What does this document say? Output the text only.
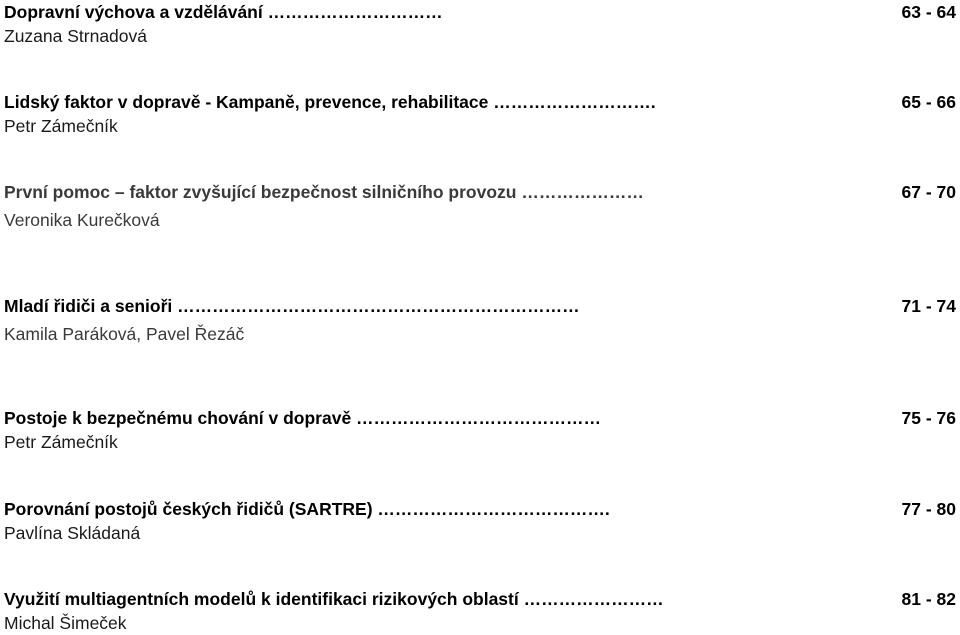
Dopravní výchova a vzdělávání …………………………	63 - 64
Zuzana Strnadová
Lidský faktor v dopravě - Kampaně, prevence, rehabilitace ……………………….	65 - 66
Petr Zámečník
První pomoc – faktor zvyšující bezpečnost silničního provozu …………………	67 - 70
Veronika Kurečková
Mladí řidiči a senioři ……………………………………………………………	71 - 74
Kamila Paráková, Pavel Řezáč
Postoje k bezpečnému chování v dopravě ……………………………………	75 - 76
Petr Zámečník
Porovnání postojů českých řidičů (SARTRE) ………………………………….	77 - 80
Pavlína Skládaná
Využití multiagentních modelů k identifikaci rizikových oblastí ……………………	81 - 82
Michal Šimeček
